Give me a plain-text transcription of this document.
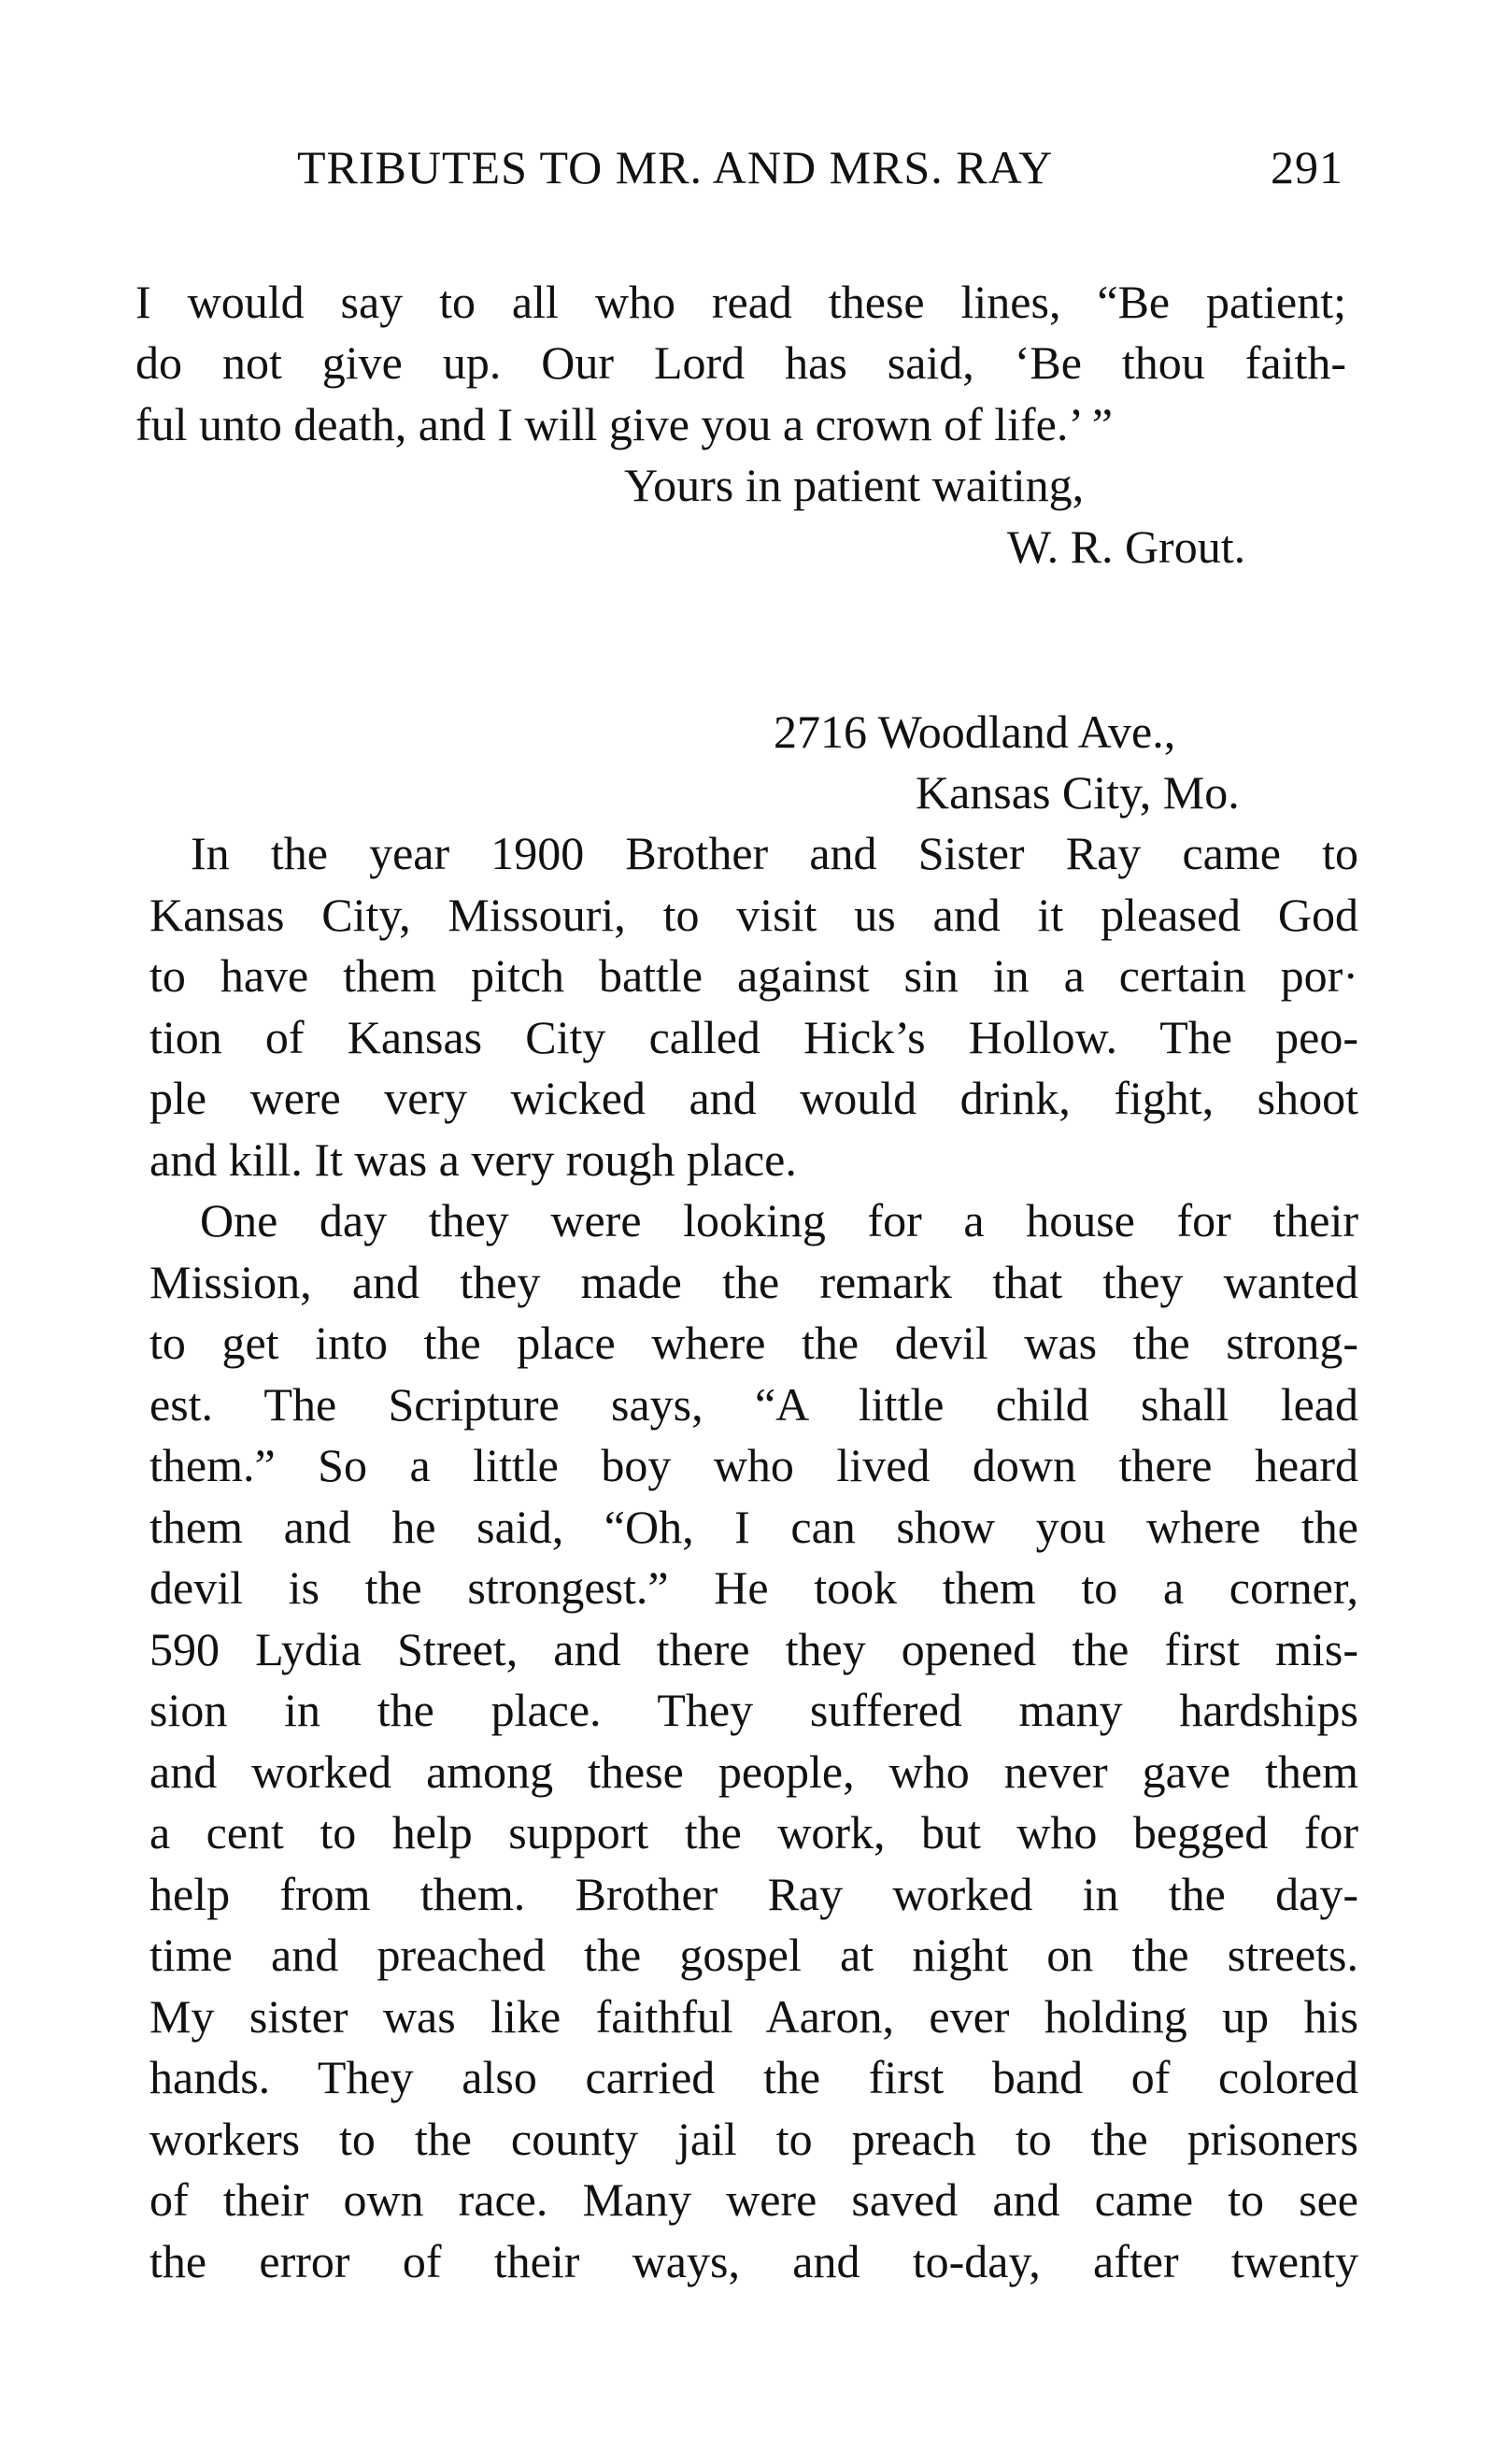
TRIBUTES TO MR. AND MRS. RAY	291
I would say to all who read these lines, “Be patient;
do not give up. Our Lord has said, ‘Be thou faith-
ful unto death, and I will give you a crown of life.’ ”
Yours in patient waiting,
W. R. Grout.
2716 Woodland Ave.,
Kansas City, Mo.
In the year 1900 Brother and Sister Ray came to
Kansas City, Missouri, to visit us and it pleased God
to have them pitch battle against sin in a certain por·
tion of Kansas City called Hick’s Hollow. The peo-
ple were very wicked and would drink, fight, shoot
and kill. It was a very rough place.
One day they were looking for a house for their
Mission, and they made the remark that they wanted
to get into the place where the devil was the strong-
est. The Scripture says, “A little child shall lead
them.” So a little boy who lived down there heard
them and he said, “Oh, I can show you where the
devil is the strongest.” He took them to a corner,
590 Lydia Street, and there they opened the first mis-
sion in the place. They suffered many hardships
and worked among these people, who never gave them
a cent to help support the work, but who begged for
help from them. Brother Ray worked in the day-
time and preached the gospel at night on the streets.
My sister was like faithful Aaron, ever holding up his
hands. They also carried the first band of colored
workers to the county jail to preach to the prisoners
of their own race. Many were saved and came to see
the error of their ways, and to-day, after twenty
